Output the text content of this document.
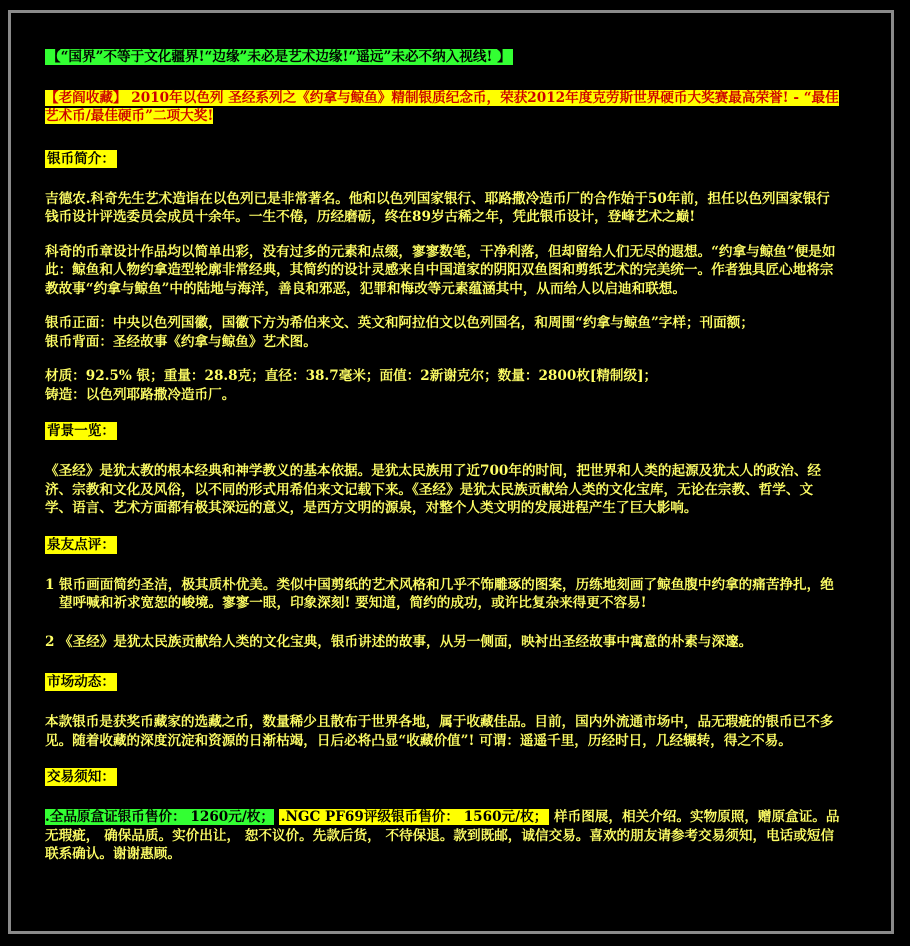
【“国界”不等于文化疆界!“边缘”未必是艺术边缘!“遥远”未必不纳入视线! 】

【老阎收藏】 2010年以色列 圣经系列之《约拿与鲸鱼》精制银质纪念币，荣获2012年度克劳斯世界硬币大奖赛最高荣誉! - “最佳艺术币/最佳硬币”二项大奖!

银币简介：

吉德农.科奇先生艺术造诣在以色列已是非常著名。他和以色列国家银行、耶路撒冷造币厂的合作始于50年前，担任以色列国家银行钱币设计评选委员会成员十余年。一生不倦，历经磨砺，终在89岁古稀之年，凭此银币设计，登峰艺术之巅!

科奇的币章设计作品均以简单出彩，没有过多的元素和点缀，寥寥数笔，干净利落，但却留给人们无尽的遐想。“约拿与鲸鱼”便是如此：鲸鱼和人物约拿造型轮廓非常经典，其简约的设计灵感来自中国道家的阴阳双鱼图和剪纸艺术的完美统一。作者独具匠心地将宗教故事“约拿与鲸鱼”中的陆地与海洋，善良和邪恶，犯罪和悔改等元素蕴涵其中，从而给人以启迪和联想。

银币正面：中央以色列国徽，国徽下方为希伯来文、英文和阿拉伯文以色列国名，和周围“约拿与鲸鱼”字样；刊面额；
银币背面：圣经故事《约拿与鲸鱼》艺术图。

材质：92.5% 银；重量：28.8克；直径：38.7毫米；面值：2新谢克尔；数量：2800枚[精制级]；
铸造：以色列耶路撒冷造币厂。

背景一览：

《圣经》是犹太教的根本经典和神学教义的基本依据。是犹太民族用了近700年的时间，把世界和人类的起源及犹太人的政治、经济、宗教和文化及风俗，以不同的形式用希伯来文记载下来。《圣经》是犹太民族贡献给人类的文化宝库，无论在宗教、哲学、文学、语言、艺术方面都有极其深远的意义，是西方文明的源泉，对整个人类文明的发展进程产生了巨大影响。

泉友点评：
1 银币画面简约圣洁，极其质朴优美。类似中国剪纸的艺术风格和几乎不饰雕琢的图案，历练地刻画了鲸鱼腹中约拿的痛苦挣扎，绝望呼喊和祈求宽恕的峻境。寥寥一眼，印象深刻! 要知道，简约的成功，或许比复杂来得更不容易!
2 《圣经》是犹太民族贡献给人类的文化宝典，银币讲述的故事，从另一侧面，映衬出圣经故事中寓意的朴素与深邃。
市场动态：

本款银币是获奖币藏家的选藏之币，数量稀少且散布于世界各地，属于收藏佳品。目前，国内外流通市场中，品无瑕疵的银币已不多见。随着收藏的深度沉淀和资源的日渐枯竭，日后必将凸显“收藏价值”! 可谓：遥遥千里，历经时日，几经辗转，得之不易。

交易须知：

.全品原盒证银币售价： 1260元/枚； .NGC PF69评级银币售价： 1560元/枚； 样币图展，相关介绍。实物原照，赠原盒证。品无瑕疵， 确保品质。实价出让， 恕不议价。先款后货， 不待保退。款到既邮，诚信交易。喜欢的朋友请参考交易须知，电话或短信联系确认。谢谢惠顾。
